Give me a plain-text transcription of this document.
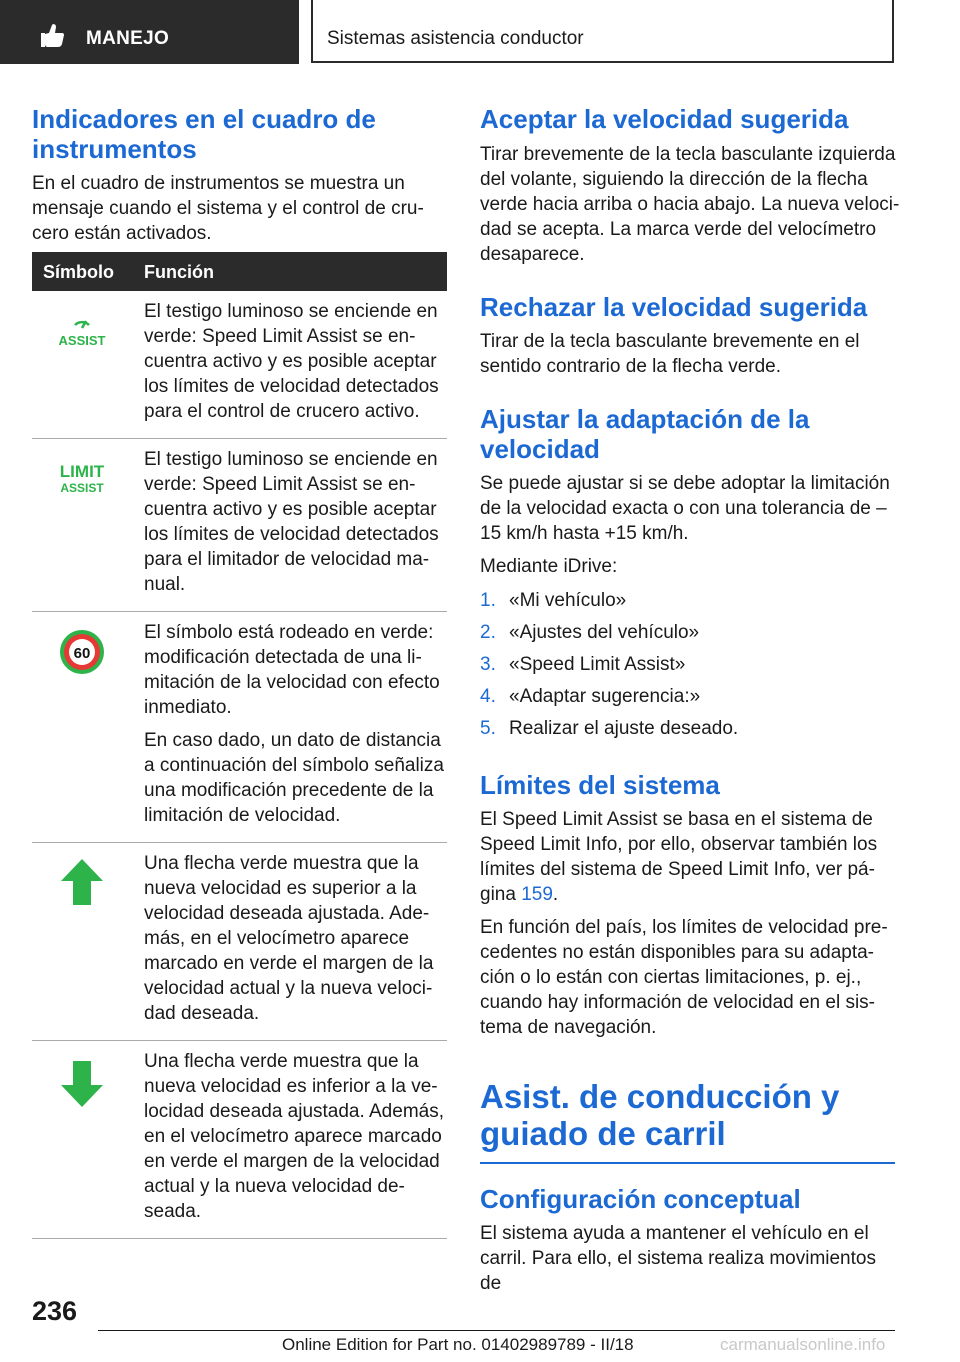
MANEJO	Sistemas asistencia conductor
Indicadores en el cuadro de instrumentos

En el cuadro de instrumentos se muestra un mensaje cuando el sistema y el control de cru-cero están activados.

Símbolo Función
ASSIST

El testigo luminoso se enciende en verde: Speed Limit Assist se en-cuentra activo y es posible aceptar los límites de velocidad detectados para el control de crucero activo.

LIMIT
ASSIST

El testigo luminoso se enciende en verde: Speed Limit Assist se en-cuentra activo y es posible aceptar los límites de velocidad detectados para el limitador de velocidad ma-nual.

60

El símbolo está rodeado en verde: modificación detectada de una li-mitación de la velocidad con efecto inmediato.

En caso dado, un dato de distancia a continuación del símbolo señaliza una modificación precedente de la limitación de velocidad.

Una flecha verde muestra que la nueva velocidad es superior a la velocidad deseada ajustada. Ade-más, en el velocímetro aparece marcado en verde el margen de la velocidad actual y la nueva veloci-dad deseada.

Una flecha verde muestra que la nueva velocidad es inferior a la ve-locidad deseada ajustada. Además, en el velocímetro aparece marcado en verde el margen de la velocidad actual y la nueva velocidad de-seada.

Aceptar la velocidad sugerida

Tirar brevemente de la tecla basculante izquierda del volante, siguiendo la dirección de la flecha verde hacia arriba o hacia abajo. La nueva veloci-dad se acepta. La marca verde del velocímetro desaparece.

Rechazar la velocidad sugerida

Tirar de la tecla basculante brevemente en el sentido contrario de la flecha verde.

Ajustar la adaptación de la velocidad

Se puede ajustar si se debe adoptar la limitación de la velocidad exacta o con una tolerancia de –15 km/h hasta +15 km/h.

Mediante iDrive:

1. «Mi vehículo»
2. «Ajustes del vehículo»
3. «Speed Limit Assist»
4. «Adaptar sugerencia:»
5. Realizar el ajuste deseado.
Límites del sistema

El Speed Limit Assist se basa en el sistema de Speed Limit Info, por ello, observar también los límites del sistema de Speed Limit Info, ver pá-gina 159.

En función del país, los límites de velocidad pre-cedentes no están disponibles para su adapta-ción o lo están con ciertas limitaciones, p. ej., cuando hay información de velocidad en el sis-tema de navegación.

Asist. de conducción y guiado de carril
Configuración conceptual

El sistema ayuda a mantener el vehículo en el carril. Para ello, el sistema realiza movimientos de

236
Online Edition for Part no. 01402989789 - II/18	carmanualsonline.info
